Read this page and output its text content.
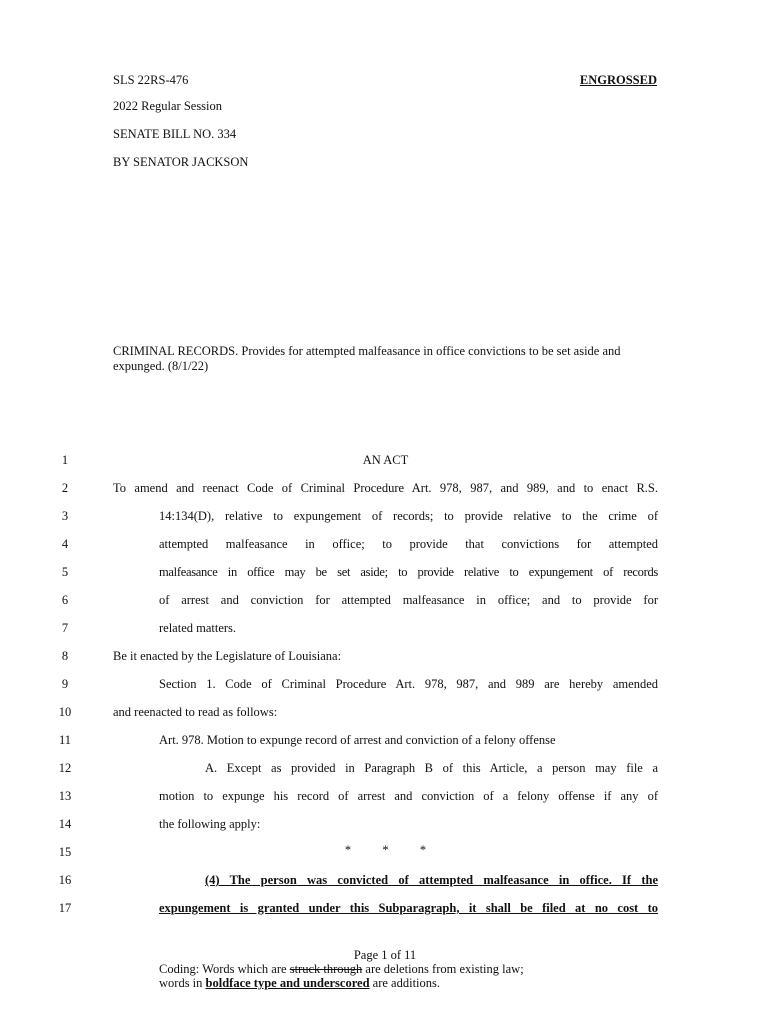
SLS 22RS-476	ENGROSSED
2022 Regular Session
SENATE BILL NO. 334
BY SENATOR JACKSON
CRIMINAL RECORDS. Provides for attempted malfeasance in office convictions to be set aside and expunged. (8/1/22)
1	AN ACT
2	To amend and reenact Code of Criminal Procedure Art. 978, 987, and 989, and to enact R.S.
3	14:134(D), relative to expungement of records; to provide relative to the crime of
4	attempted malfeasance in office; to provide that convictions for attempted
5	malfeasance in office may be set aside; to provide relative to expungement of records
6	of arrest and conviction for attempted malfeasance in office; and to provide for
7	related matters.
8	Be it enacted by the Legislature of Louisiana:
9	Section 1. Code of Criminal Procedure Art. 978, 987, and 989 are hereby amended
10	and reenacted to read as follows:
11	Art. 978. Motion to expunge record of arrest and conviction of a felony offense
12	A. Except as provided in Paragraph B of this Article, a person may file a
13	motion to expunge his record of arrest and conviction of a felony offense if any of
14	the following apply:
15	*          *          *
16	(4) The person was convicted of attempted malfeasance in office. If the
17	expungement is granted under this Subparagraph, it shall be filed at no cost to
Page 1 of 11
Coding: Words which are struck through are deletions from existing law;
words in boldface type and underscored are additions.
